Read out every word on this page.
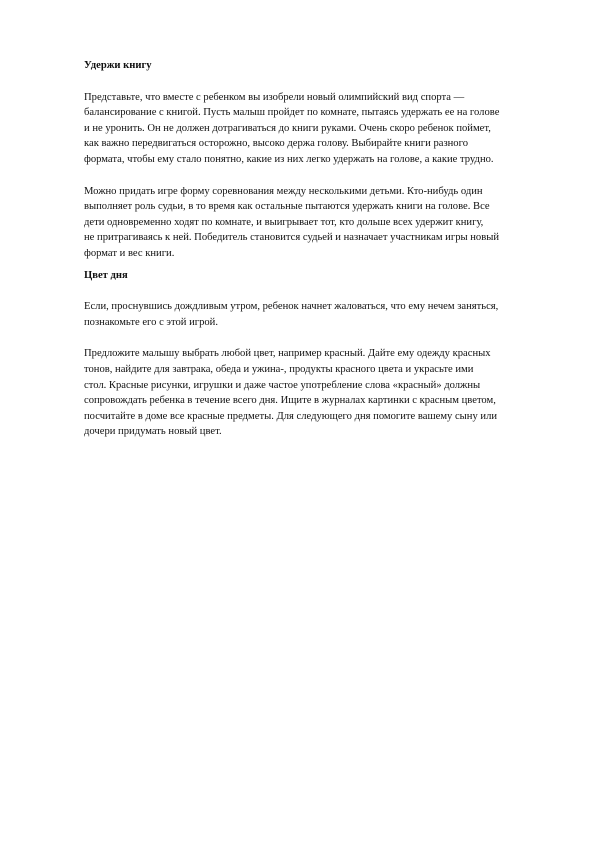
Удержи книгу

Представьте, что вместе с ребенком вы изобрели новый олимпийский вид спорта —
балансирование с книгой. Пусть малыш пройдет по комнате, пытаясь удержать ее на голове
и не уронить. Он не должен дотрагиваться до книги руками. Очень скоро ребенок поймет,
как важно передвигаться осторожно, высоко держа голову. Выбирайте книги разного
формата, чтобы ему стало понятно, какие из них легко удержать на голове, а какие трудно.

Можно придать игре форму соревнования между несколькими детьми. Кто-нибудь один
выполняет роль судьи, в то время как остальные пытаются удержать книги на голове. Все
дети одновременно ходят по комнате, и выигрывает тот, кто дольше всех удержит книгу,
не притрагиваясь к ней. Победитель становится судьей и назначает участникам игры новый
формат и вес книги.

Цвет дня

Если, проснувшись дождливым утром, ребенок начнет жаловаться, что ему нечем заняться,
познакомьте его с этой игрой.

Предложите малышу выбрать любой цвет, например красный. Дайте ему одежду красных
тонов, найдите для завтрака, обеда и ужина-, продукты красного цвета и украсьте ими
стол. Красные рисунки, игрушки и даже частое употребление слова «красный» должны
сопровождать ребенка в течение всего дня. Ищите в журналах картинки с красным цветом,
посчитайте в доме все красные предметы. Для следующего дня помогите вашему сыну или
дочери придумать новый цвет.
